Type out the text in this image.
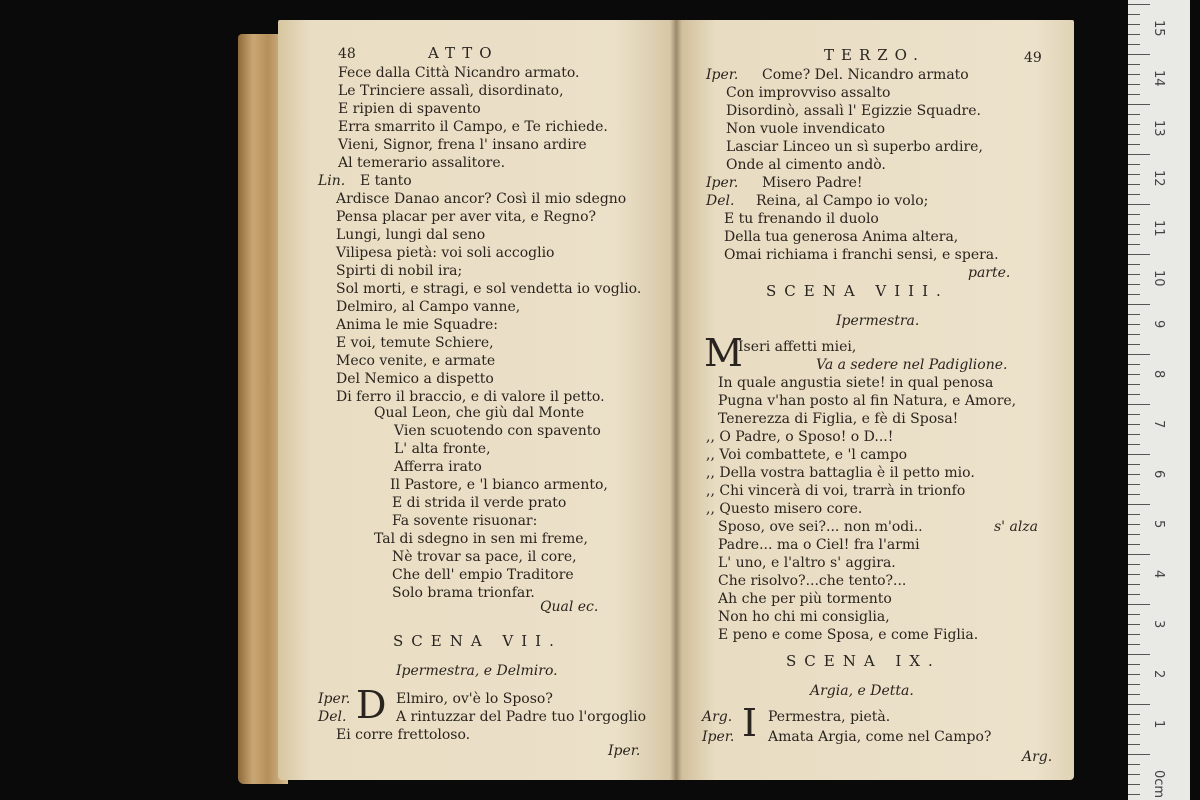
48	ATTO
Fece dalla Città Nicandro armato.
Le Trinciere assalì, disordinato,
E ripien di spavento
Erra smarrito il Campo, e Te richiede.
Vieni, Signor, frena l' insano ardire
Al temerario assalitore.
Lin. E tanto
Ardisce Danao ancor? Così il mio sdegno
Pensa placar per aver vita, e Regno?
Lungi, lungi dal seno
Vilipesa pietà: voi soli accoglio
Spirti di nobil ira;
Sol morti, e stragi, e sol vendetta io voglio.
Delmiro, al Campo vanne,
Anima le mie Squadre:
E voi, temute Schiere,
Meco venite, e armate
Del Nemico a dispetto
Di ferro il braccio, e di valore il petto.
Qual Leon, che giù dal Monte
Vien scuotendo con spavento
L' alta fronte,
Afferra irato
Il Pastore, e 'l bianco armento,
E di strida il verde prato
Fa sovente risuonar:
Tal di sdegno in sen mi freme,
Nè trovar sa pace, il core,
Che dell' empio Traditore
Solo brama trionfar.
Qual ec.
SCENA VII.
Ipermestra, e Delmiro.
D
Iper.	Elmiro, ov'è lo Sposo?
Del.	A rintuzzar del Padre tuo l'orgoglio
Ei corre frettoloso.
Iper.
TERZO.	49
Iper. Come? Del. Nicandro armato
Con improvviso assalto
Disordinò, assalì l' Egizzie Squadre.
Non vuole invendicato
Lasciar Linceo un sì superbo ardire,
Onde al cimento andò.
Iper. Misero Padre!
Del. Reina, al Campo io volo;
E tu frenando il duolo
Della tua generosa Anima altera,
Omai richiama i franchi sensi, e spera.
parte.
SCENA VIII.
Ipermestra.
M
Iseri affetti miei,
Va a sedere nel Padiglione.
In quale angustia siete! in qual penosa
Pugna v'han posto al fin Natura, e Amore,
Tenerezza di Figlia, e fè di Sposa!
,, O Padre, o Sposo! o D...!
,, Voi combattete, e 'l campo
,, Della vostra battaglia è il petto mio.
,, Chi vincerà di voi, trarrà in trionfo
,, Questo misero core.
Sposo, ove sei?... non m'odi..	s' alza
Padre... ma o Ciel! fra l'armi
L' uno, e l'altro s' aggira.
Che risolvo?...che tento?...
Ah che per più tormento
Non ho chi mi consiglia,
E peno e come Sposa, e come Figlia.
SCENA IX.
Argia, e Detta.
I
Arg.	Permestra, pietà.
Iper. Amata Argia, come nel Campo?
Arg.
15
14
13
12
11
10
9
8
7
6
5
4
3
2
1
0cm
